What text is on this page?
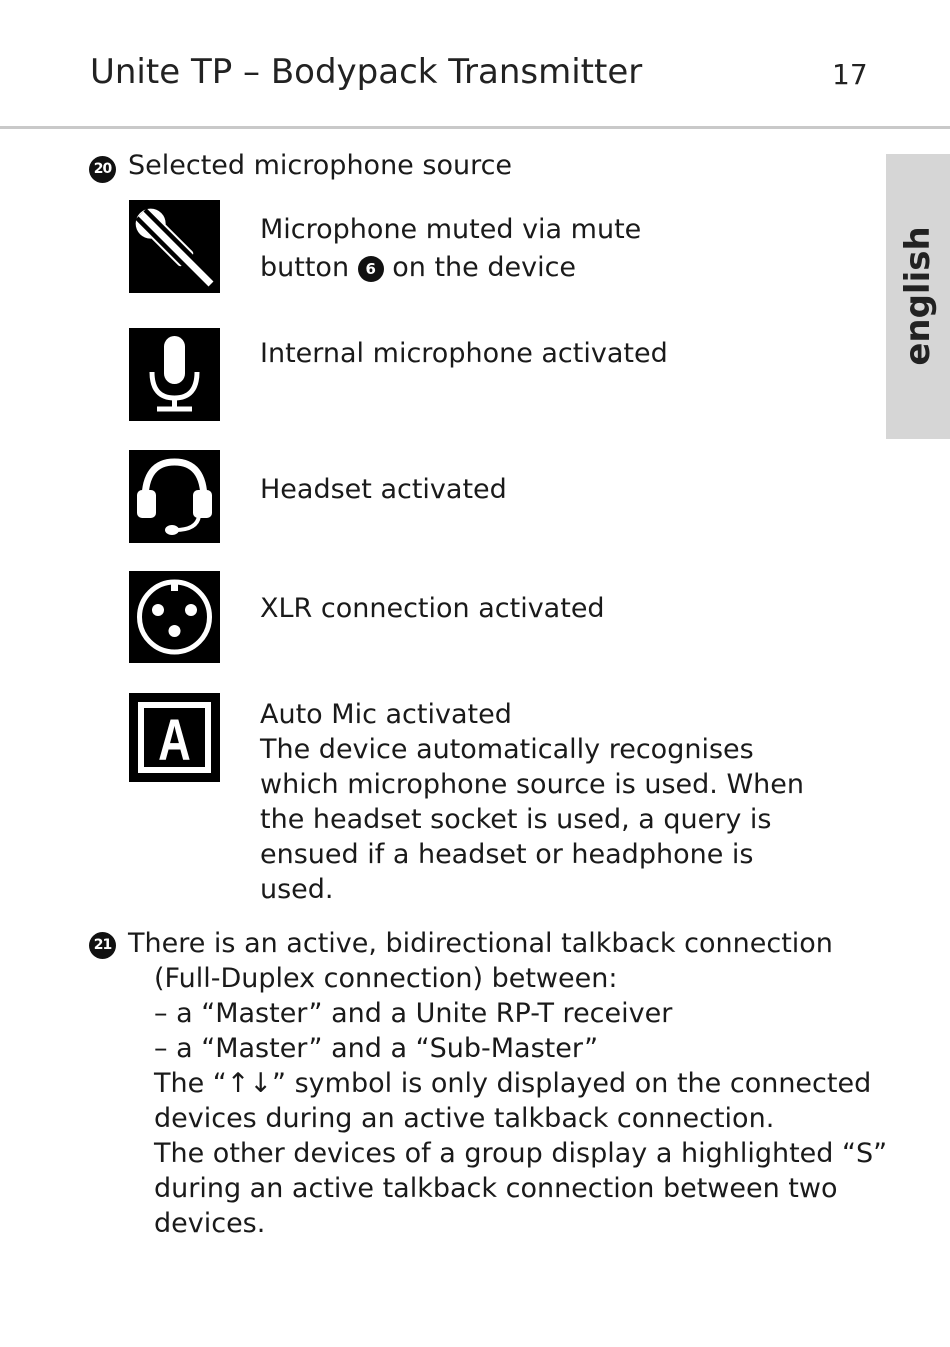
Unite TP – Bodypack Transmitter	17
english
20 Selected microphone source
Microphone muted via mute
button 6 on the device
Internal microphone activated
Headset activated
XLR connection activated
A	Auto Mic activated
The device automatically recognises
which microphone source is used. When
the headset socket is used, a query is
ensued if a headset or headphone is
used.
21 There is an active, bidirectional talkback connection
(Full-Duplex connection) between:
– a “Master” and a Unite RP-T receiver
– a “Master” and a “Sub-Master”
The “↑↓” symbol is only displayed on the connected
devices during an active talkback connection.
The other devices of a group display a highlighted “S”
during an active talkback connection between two
devices.
